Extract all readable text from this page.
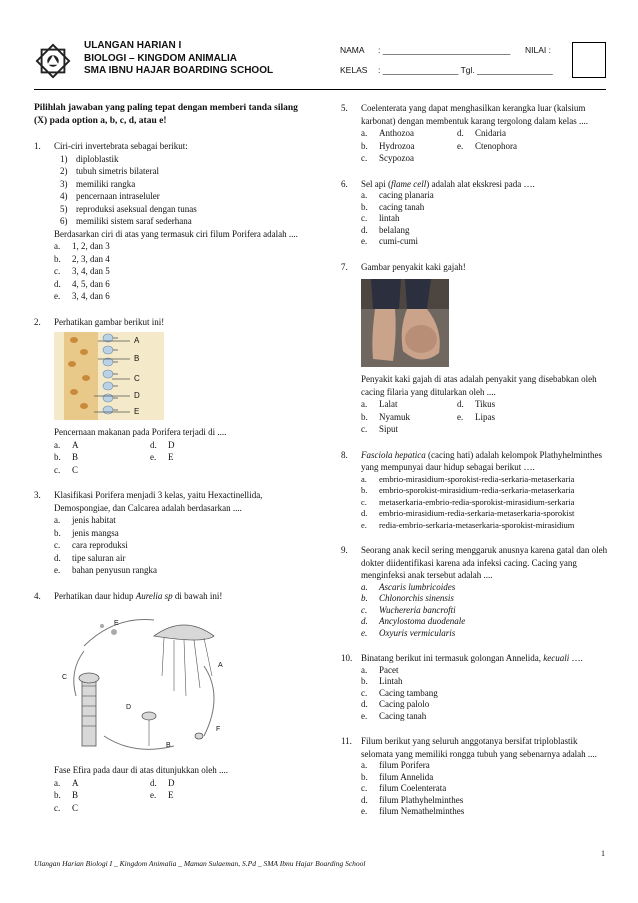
ULANGAN HARIAN I
BIOLOGI – KINGDOM ANIMALIA
SMA IBNU HAJAR BOARDING SCHOOL
NAMA : ___________________________ NILAI :
KELAS : ________________ Tgl. ________________
Pilihlah jawaban yang paling tepat dengan memberi tanda silang (X) pada option a, b, c, d, atau e!
1. Ciri-ciri invertebrata sebagai berikut:
1) diploblastik
2) tubuh simetris bilateral
3) memiliki rangka
4) pencernaan intraseluler
5) reproduksi aseksual dengan tunas
6) memiliki sistem saraf sederhana
Berdasarkan ciri di atas yang termasuk ciri filum Porifera adalah ....
a.	1, 2, dan 3
b.	2, 3, dan 4
c.	3, 4, dan 5
d.	4, 5, dan 6
e.	3, 4, dan 6
2. Perhatikan gambar berikut ini!
A
B
C
D
E
Pencernaan makanan pada Porifera terjadi di ....
a.	A	d.	D
b.	B	e.	E
c.	C
3. Klasifikasi Porifera menjadi 3 kelas, yaitu Hexactinellida, Demospongiae, dan Calcarea adalah berdasarkan ....
a.	jenis habitat
b.	jenis mangsa
c.	cara reproduksi
d.	tipe saluran air
e.	bahan penyusun rangka
4. Perhatikan daur hidup Aurelia sp di bawah ini!
A
B
C
D
E
F
Fase Efira pada daur di atas ditunjukkan oleh ....
a.	A	d.	D
b.	B	e.	E
c.	C
5. Coelenterata yang dapat menghasilkan kerangka luar (kalsium karbonat) dengan membentuk karang tergolong dalam kelas ....
a.	Anthozoa	d.	Cnidaria
b.	Hydrozoa	e.	Ctenophora
c.	Scypozoa
6. Sel api (flame cell) adalah alat ekskresi pada ….
a.	cacing planaria
b.	cacing tanah
c.	lintah
d.	belalang
e.	cumi-cumi
7. Gambar penyakit kaki gajah!
Penyakit kaki gajah di atas adalah penyakit yang disebabkan oleh cacing filaria yang ditularkan oleh ....
a.	Lalat	d.	Tikus
b.	Nyamuk	e.	Lipas
c.	Siput
8. Fasciola hepatica (cacing hati) adalah kelompok Plathyhelminthes yang mempunyai daur hidup sebagai berikut ….
a.	embrio-mirasidium-sporokist-redia-serkaria-metaserkaria
b.	embrio-sporokist-mirasidium-redia-serkaria-metaserkaria
c.	metaserkaria-embrio-redia-sporokist-mirasidium-serkaria
d.	embrio-mirasidium-redia-serkaria-metaserkaria-sporokist
e.	redia-embrio-serkaria-metaserkaria-sporokist-mirasidium
9. Seorang anak kecil sering menggaruk anusnya karena gatal dan oleh dokter diidentifikasi karena ada infeksi cacing. Cacing yang menginfeksi anak tersebut adalah ....
a.	Ascaris lumbricoides
b.	Chlonorchis sinensis
c.	Wuchereria bancrofti
d.	Ancylostoma duodenale
e.	Oxyuris vermicularis
10. Binatang berikut ini termasuk golongan Annelida, kecuali ….
a.	Pacet
b.	Lintah
c.	Cacing tambang
d.	Cacing palolo
e.	Cacing tanah
11. Filum berikut yang seluruh anggotanya bersifat triploblastik selomata yang memiliki rongga tubuh yang sebenarnya adalah ....
a.	filum Porifera
b.	filum Annelida
c.	filum Coelenterata
d.	filum Plathyhelminthes
e.	filum Nemathelminthes
1
Ulangan Harian Biologi I _ Kingdom Animalia _ Maman Sulaeman, S.Pd _ SMA Ibnu Hajar Boarding School
